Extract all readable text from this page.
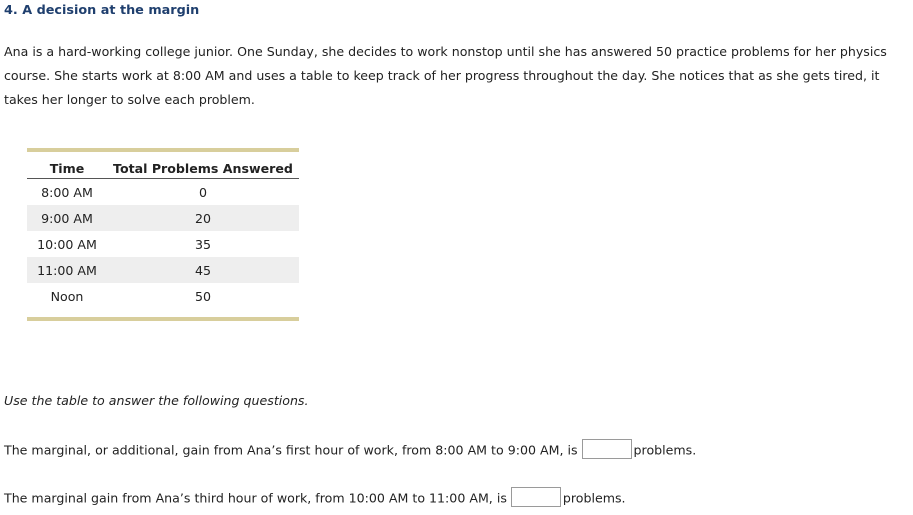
4. A decision at the margin

Ana is a hard-working college junior. One Sunday, she decides to work nonstop until she has answered 50 practice problems for her physics course. She starts work at 8:00 AM and uses a table to keep track of her progress throughout the day. She notices that as she gets tired, it takes her longer to solve each problem.

Time	Total Problems Answered
8:00 AM	0
9:00 AM	20
10:00 AM	35
11:00 AM	45
Noon	50

Use the table to answer the following questions.

The marginal, or additional, gain from Ana’s first hour of work, from 8:00 AM to 9:00 AM, is	problems.

The marginal gain from Ana’s third hour of work, from 10:00 AM to 11:00 AM, is	problems.
